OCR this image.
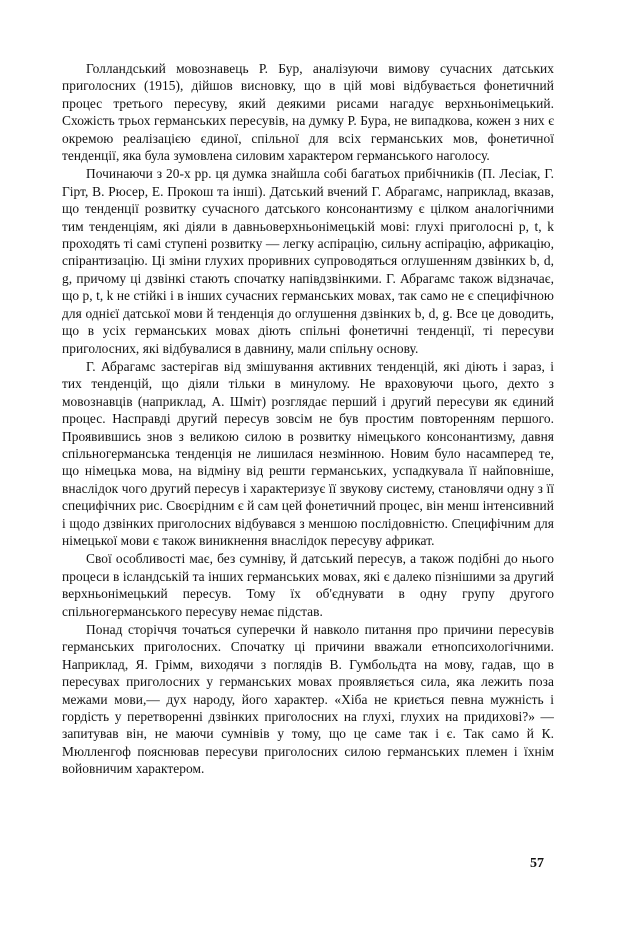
Голландський мовознавець Р. Бур, аналізуючи вимову сучасних датських приголосних (1915), дійшов висновку, що в цій мові відбувається фонетичний процес третього пересуву, який деякими рисами нагадує верхньонімецький. Схожість трьох германських пересувів, на думку Р. Бура, не випадкова, кожен з них є окремою реалізацією єдиної, спільної для всіх германських мов, фонетичної тенденції, яка була зумовлена силовим характером германського наголосу.

Починаючи з 20-х рр. ця думка знайшла собі багатьох прибічників (П. Лесіак, Г. Гірт, В. Рюсер, Е. Прокош та інші). Датський вчений Г. Абрагамс, наприклад, вказав, що тенденції розвитку сучасного датського консонантизму є цілком аналогічними тим тенденціям, які діяли в давньоверхньонімецькій мові: глухі приголосні p, t, k проходять ті самі ступені розвитку — легку аспірацію, сильну аспірацію, африкацію, спірантизацію. Ці зміни глухих проривних супроводяться оглушенням дзвінких b, d, g, причому ці дзвінкі стають спочатку напівдзвінкими. Г. Абрагамс також відзначає, що p, t, k не стійкі і в інших сучасних германських мовах, так само не є специфічною для однієї датської мови й тенденція до оглушення дзвінких b, d, g. Все це доводить, що в усіх германських мовах діють спільні фонетичні тенденції, ті пересуви приголосних, які відбувалися в давнину, мали спільну основу.

Г. Абрагамс застерігав від змішування активних тенденцій, які діють і зараз, і тих тенденцій, що діяли тільки в минулому. Не враховуючи цього, дехто з мовознавців (наприклад, А. Шміт) розглядає перший і другий пересуви як єдиний процес. Насправді другий пересув зовсім не був простим повторенням першого. Проявившись знов з великою силою в розвитку німецького консонантизму, давня спільногерманська тенденція не лишилася незмінною. Новим було насамперед те, що німецька мова, на відміну від решти германських, успадкувала її найповніше, внаслідок чого другий пересув і характеризує її звукову систему, становлячи одну з її специфічних рис. Своєрідним є й сам цей фонетичний процес, він менш інтенсивний і щодо дзвінких приголосних відбувався з меншою послідовністю. Специфічним для німецької мови є також виникнення внаслідок пересуву африкат.

Свої особливості має, без сумніву, й датський пересув, а також подібні до нього процеси в ісландській та інших германських мовах, які є далеко пізнішими за другий верхньонімецький пересув. Тому їх об'єднувати в одну групу другого спільногерманського пересуву немає підстав.

Понад сторіччя точаться суперечки й навколо питання про причини пересувів германських приголосних. Спочатку ці причини вважали етнопсихологічними. Наприклад, Я. Грімм, виходячи з поглядів В. Гумбольдта на мову, гадав, що в пересувах приголосних у германських мовах проявляється сила, яка лежить поза межами мови,— дух народу, його характер. «Хіба не криється певна мужність і гордість у перетворенні дзвінких приголосних на глухі, глухих на придихові?» — запитував він, не маючи сумнівів у тому, що це саме так і є. Так само й К. Мюлленгоф пояснював пересуви приголосних силою германських племен і їхнім войовничим характером.

57
